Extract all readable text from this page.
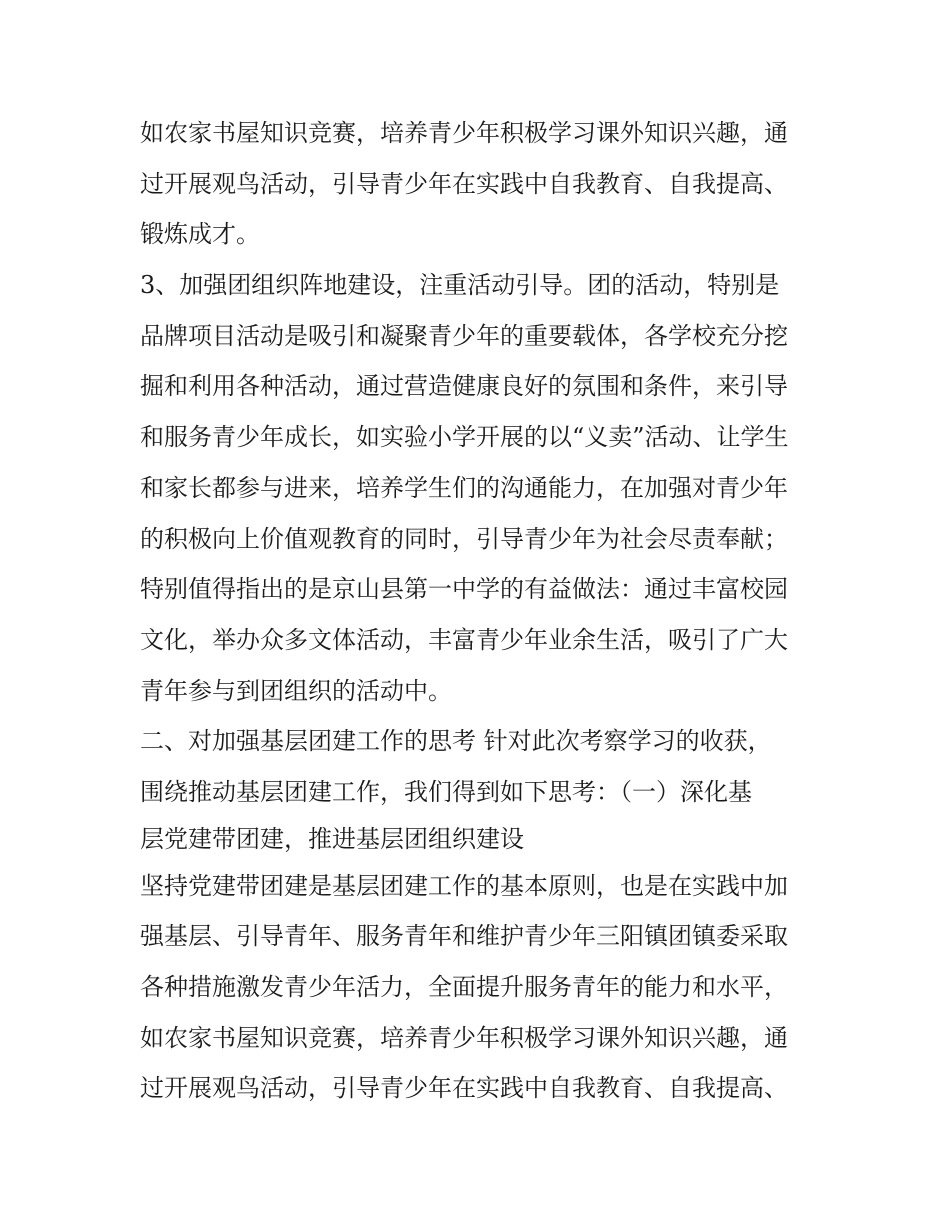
如农家书屋知识竞赛，培养青少年积极学习课外知识兴趣，通
过开展观鸟活动，引导青少年在实践中自我教育、自我提高、
锻炼成才。
3、加强团组织阵地建设，注重活动引导。团的活动，特别是
品牌项目活动是吸引和凝聚青少年的重要载体，各学校充分挖
掘和利用各种活动，通过营造健康良好的氛围和条件，来引导
和服务青少年成长，如实验小学开展的以“义卖”活动、让学生
和家长都参与进来，培养学生们的沟通能力，在加强对青少年
的积极向上价值观教育的同时，引导青少年为社会尽责奉献；
特别值得指出的是京山县第一中学的有益做法：通过丰富校园
文化，举办众多文体活动，丰富青少年业余生活，吸引了广大
青年参与到团组织的活动中。
二、对加强基层团建工作的思考 针对此次考察学习的收获，
围绕推动基层团建工作，我们得到如下思考：（一）深化基
层党建带团建，推进基层团组织建设
坚持党建带团建是基层团建工作的基本原则，也是在实践中加
强基层、引导青年、服务青年和维护青少年三阳镇团镇委采取
各种措施激发青少年活力，全面提升服务青年的能力和水平，
如农家书屋知识竞赛，培养青少年积极学习课外知识兴趣，通
过开展观鸟活动，引导青少年在实践中自我教育、自我提高、
